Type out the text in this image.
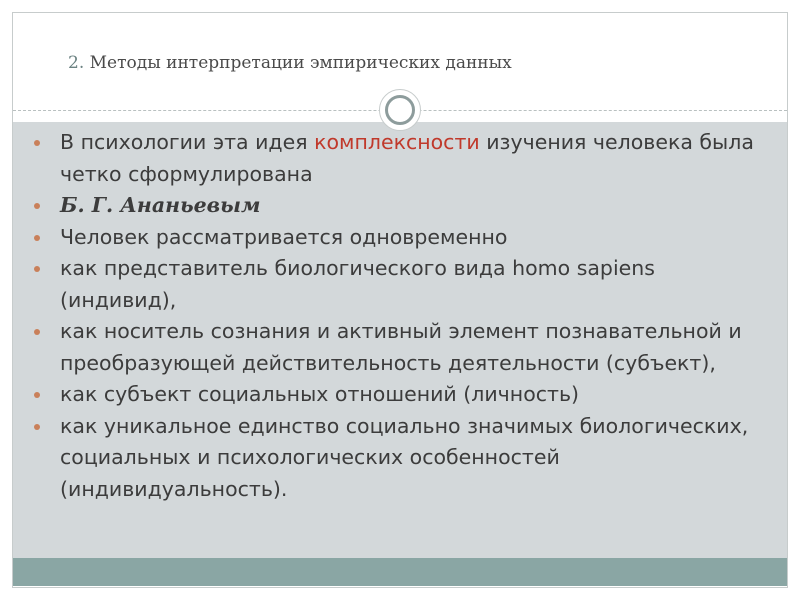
2. Методы интерпретации эмпирических данных
В психологии эта идея комплексности изучения человека была четко сформулирована
Б. Г. Ананьевым
Человек рассматривается одновременно
как представитель биологического вида homo sapiens (индивид),
как носитель сознания и активный элемент познавательной и преобразующей действительность деятельности (субъект),
как субъект социальных отношений (личность)
как уникальное единство социально значимых биологических, социальных и психологических особенностей (индивидуальность).
